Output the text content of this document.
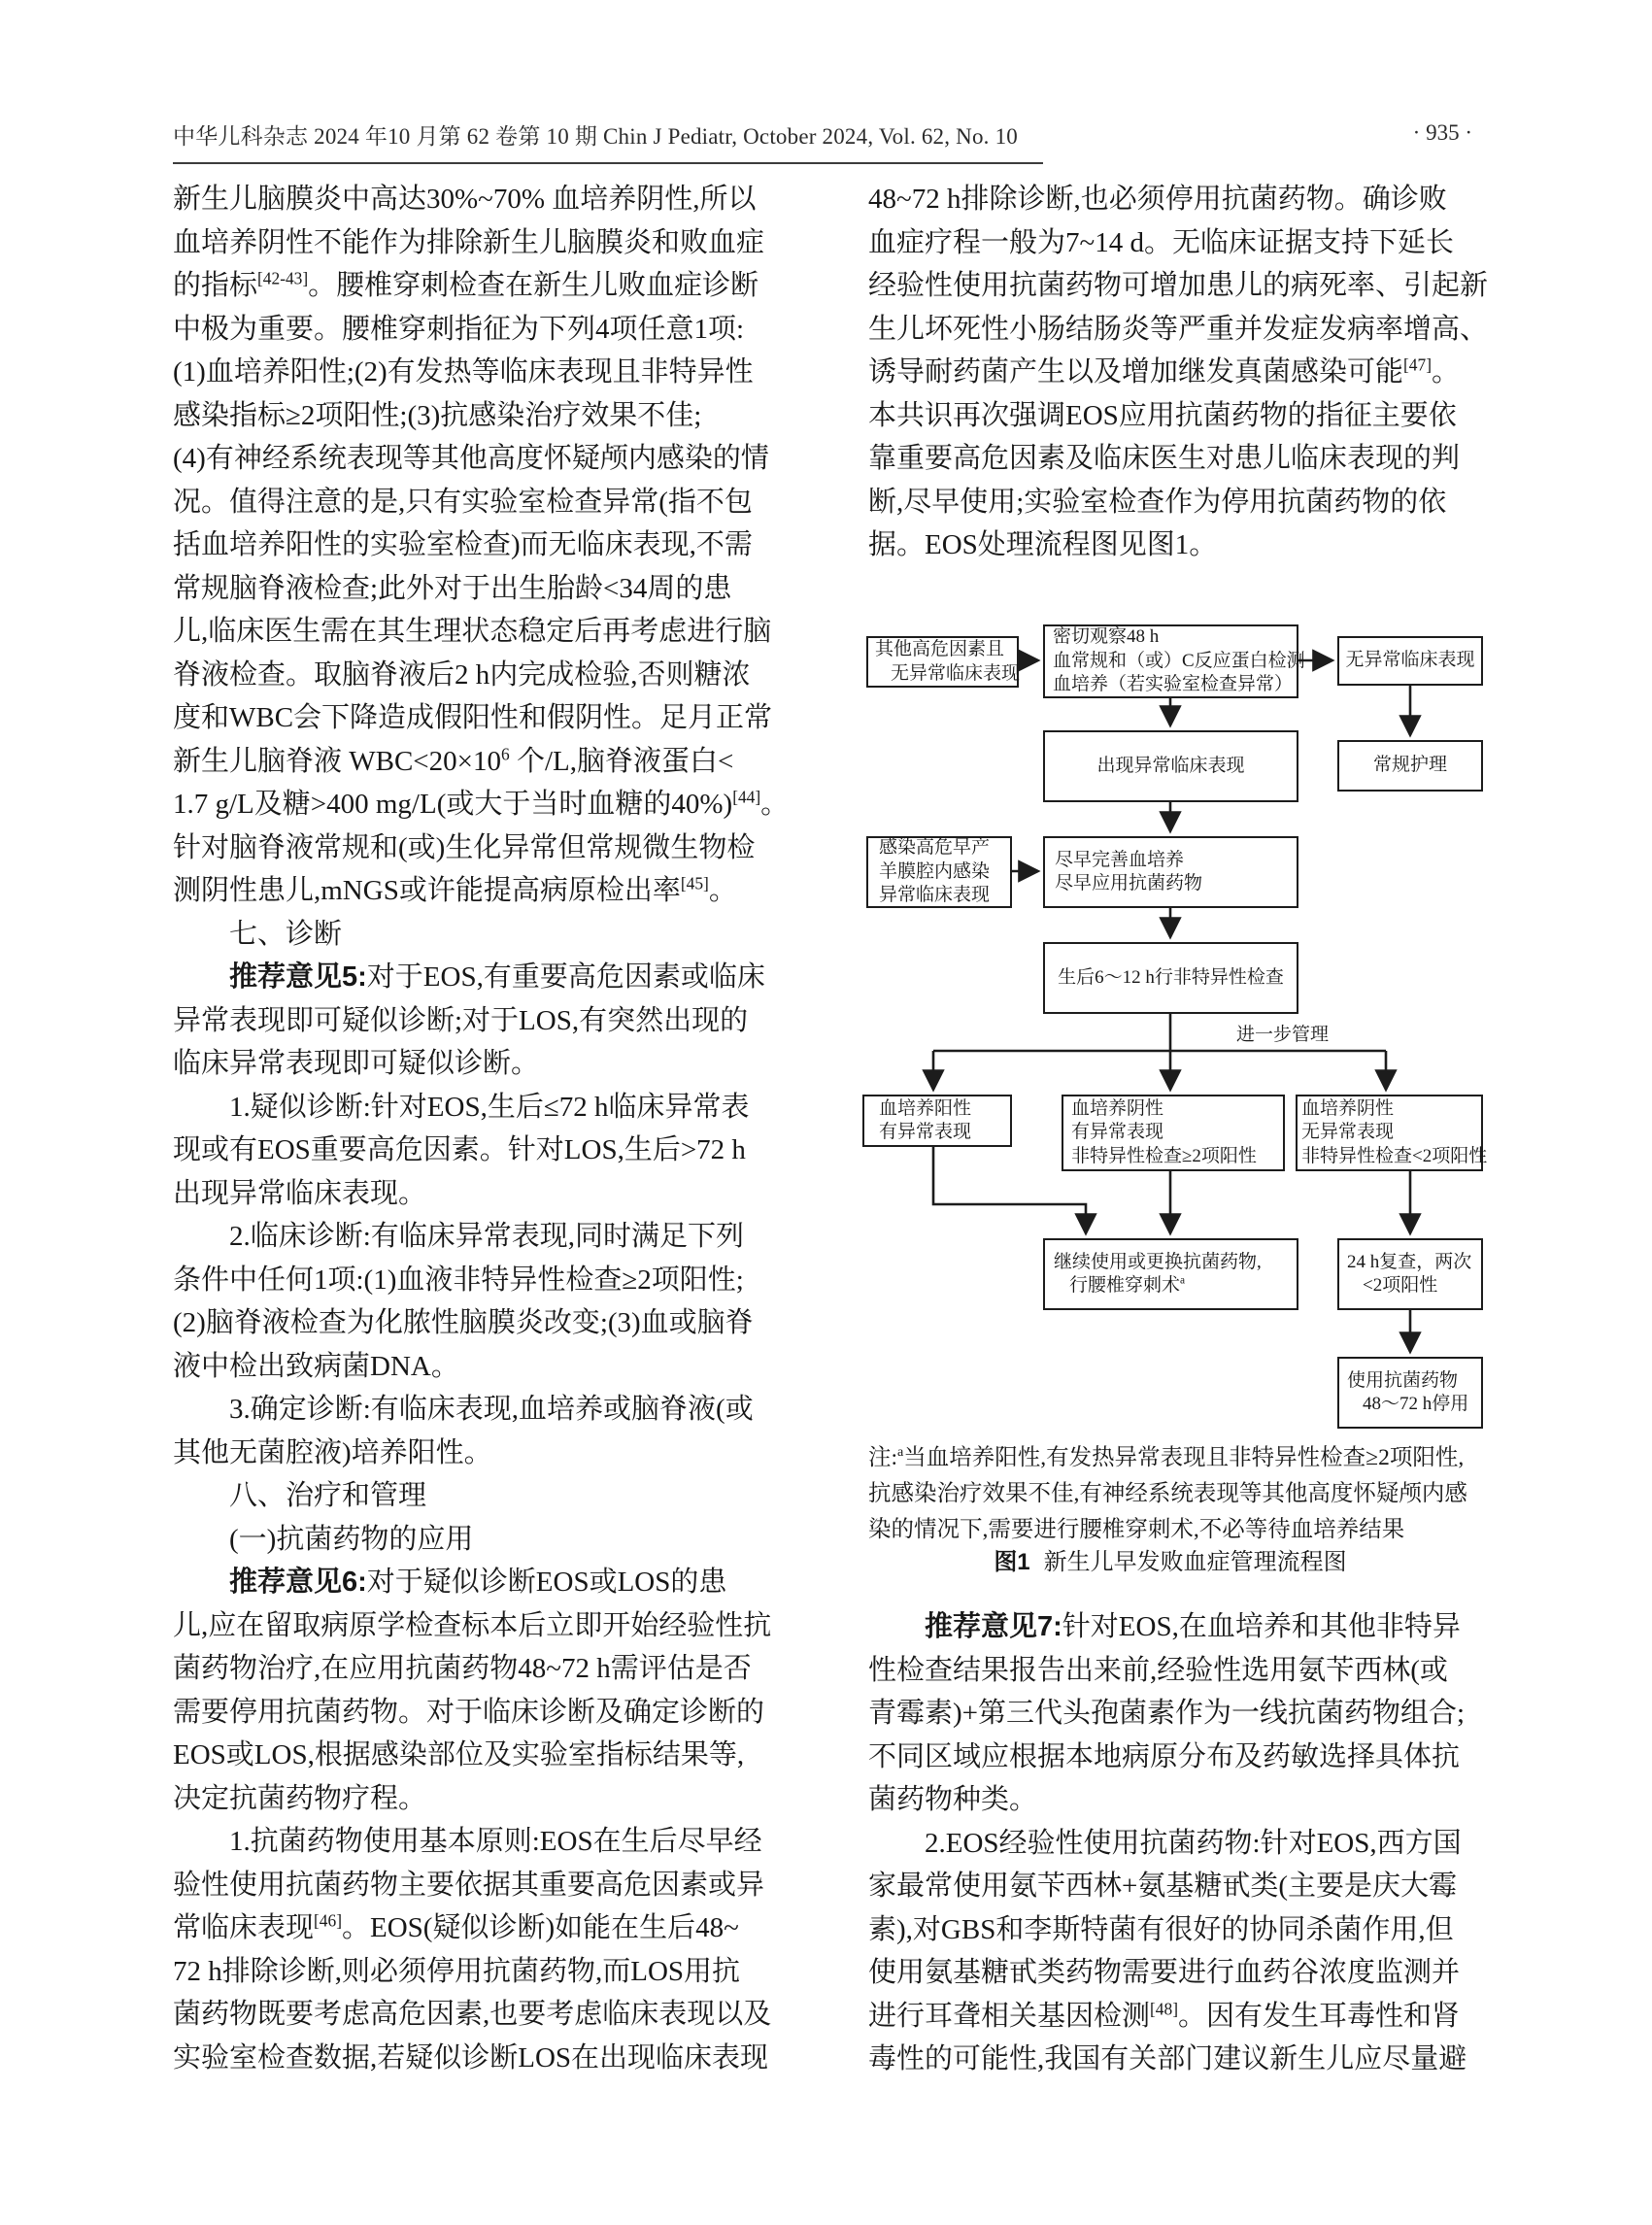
中华儿科杂志 2024 年10 月第 62 卷第 10 期 Chin J Pediatr, October 2024, Vol. 62, No. 10	· 935 ·
新生儿脑膜炎中高达30%~70% 血培养阴性,所以
血培养阴性不能作为排除新生儿脑膜炎和败血症
的指标[42-43]。腰椎穿刺检查在新生儿败血症诊断
中极为重要。腰椎穿刺指征为下列4项任意1项:
(1)血培养阳性;(2)有发热等临床表现且非特异性
感染指标≥2项阳性;(3)抗感染治疗效果不佳;
(4)有神经系统表现等其他高度怀疑颅内感染的情
况。值得注意的是,只有实验室检查异常(指不包
括血培养阳性的实验室检查)而无临床表现,不需
常规脑脊液检查;此外对于出生胎龄<34周的患
儿,临床医生需在其生理状态稳定后再考虑进行脑
脊液检查。取脑脊液后2 h内完成检验,否则糖浓
度和WBC会下降造成假阳性和假阴性。足月正常
新生儿脑脊液 $WBC<20\times 10^6$ 个/L,脑脊液蛋白<
1.7 g/L及糖>400 mg/L(或大于当时血糖的40%)[44]。
针对脑脊液常规和(或)生化异常但常规微生物检
测阴性患儿,mNGS或许能提高病原检出率[45]。
七、诊断
推荐意见5:对于EOS,有重要高危因素或临床
异常表现即可疑似诊断;对于LOS,有突然出现的
临床异常表现即可疑似诊断。
1.疑似诊断:针对EOS,生后≤72 h临床异常表
现或有EOS重要高危因素。针对LOS,生后>72 h
出现异常临床表现。
2.临床诊断:有临床异常表现,同时满足下列
条件中任何1项:(1)血液非特异性检查≥2项阳性;
(2)脑脊液检查为化脓性脑膜炎改变;(3)血或脑脊
液中检出致病菌DNA。
3.确定诊断:有临床表现,血培养或脑脊液(或
其他无菌腔液)培养阳性。
八、治疗和管理
(一)抗菌药物的应用
推荐意见6:对于疑似诊断EOS或LOS的患
儿,应在留取病原学检查标本后立即开始经验性抗
菌药物治疗,在应用抗菌药物48~72 h需评估是否
需要停用抗菌药物。对于临床诊断及确定诊断的
EOS或LOS,根据感染部位及实验室指标结果等,
决定抗菌药物疗程。
1.抗菌药物使用基本原则:EOS在生后尽早经
验性使用抗菌药物主要依据其重要高危因素或异
常临床表现[46]。EOS(疑似诊断)如能在生后48~
72 h排除诊断,则必须停用抗菌药物,而LOS用抗
菌药物既要考虑高危因素,也要考虑临床表现以及
实验室检查数据,若疑似诊断LOS在出现临床表现
48~72 h排除诊断,也必须停用抗菌药物。确诊败
血症疗程一般为7~14 d。无临床证据支持下延长
经验性使用抗菌药物可增加患儿的病死率、引起新
生儿坏死性小肠结肠炎等严重并发症发病率增高、
诱导耐药菌产生以及增加继发真菌感染可能[47]。
本共识再次强调EOS应用抗菌药物的指征主要依
靠重要高危因素及临床医生对患儿临床表现的判
断,尽早使用;实验室检查作为停用抗菌药物的依
据。EOS处理流程图见图1。
其他高危因素且
无异常临床表现
密切观察48 h
血常规和（或）C反应蛋白检测
血培养（若实验室检查异常）
无异常临床表现
常规护理
出现异常临床表现
感染高危早产
羊膜腔内感染
异常临床表现
尽早完善血培养
尽早应用抗菌药物
生后6～12 h行非特异性检查
进一步管理
血培养阳性
有异常表现
血培养阴性
有异常表现
非特异性检查≥2项阳性
血培养阴性
无异常表现
非特异性检查<2项阳性
继续使用或更换抗菌药物,
行腰椎穿刺术$^a$
24 h复查，两次
<2项阳性
使用抗菌药物
48～72 h停用
注:$^a$当血培养阳性,有发热异常表现且非特异性检查≥2项阳性,
抗感染治疗效果不佳,有神经系统表现等其他高度怀疑颅内感
染的情况下,需要进行腰椎穿刺术,不必等待血培养结果
图1 新生儿早发败血症管理流程图
推荐意见7:针对EOS,在血培养和其他非特异
性检查结果报告出来前,经验性选用氨苄西林(或
青霉素)+第三代头孢菌素作为一线抗菌药物组合;
不同区域应根据本地病原分布及药敏选择具体抗
菌药物种类。
2.EOS经验性使用抗菌药物:针对EOS,西方国
家最常使用氨苄西林+氨基糖甙类(主要是庆大霉
素),对GBS和李斯特菌有很好的协同杀菌作用,但
使用氨基糖甙类药物需要进行血药谷浓度监测并
进行耳聋相关基因检测[48]。因有发生耳毒性和肾
毒性的可能性,我国有关部门建议新生儿应尽量避
